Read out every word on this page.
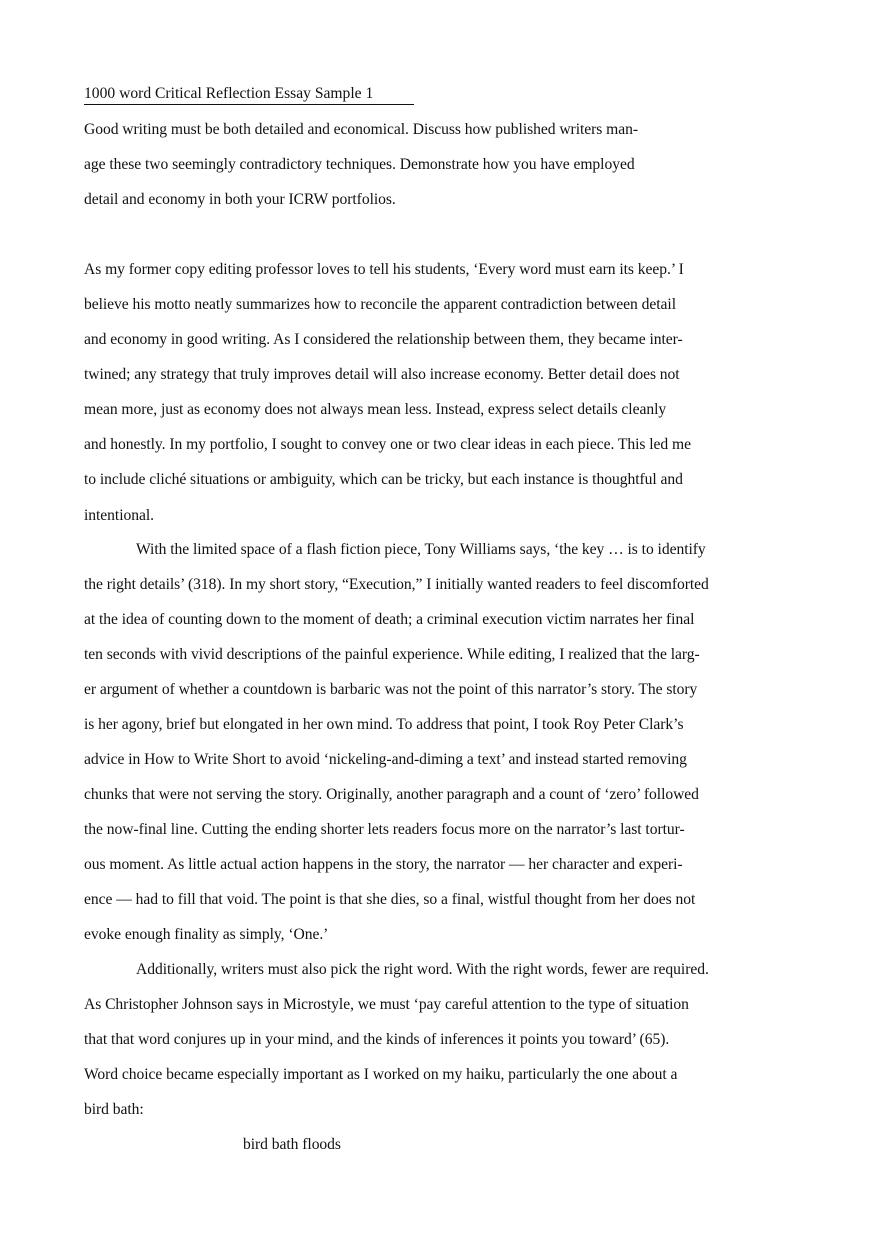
1000 word Critical Reflection Essay Sample 1
Good writing must be both detailed and economical. Discuss how published writers man-
age these two seemingly contradictory techniques. Demonstrate how you have employed
detail and economy in both your ICRW portfolios.
As my former copy editing professor loves to tell his students, ‘Every word must earn its keep.’ I
believe his motto neatly summarizes how to reconcile the apparent contradiction between detail
and economy in good writing. As I considered the relationship between them, they became inter-
twined; any strategy that truly improves detail will also increase economy. Better detail does not
mean more, just as economy does not always mean less. Instead, express select details cleanly
and honestly. In my portfolio, I sought to convey one or two clear ideas in each piece. This led me
to include cliché situations or ambiguity, which can be tricky, but each instance is thoughtful and
intentional.
With the limited space of a flash fiction piece, Tony Williams says, ‘the key … is to identify
the right details’ (318). In my short story, “Execution,” I initially wanted readers to feel discomforted
at the idea of counting down to the moment of death; a criminal execution victim narrates her final
ten seconds with vivid descriptions of the painful experience. While editing, I realized that the larg-
er argument of whether a countdown is barbaric was not the point of this narrator’s story. The story
is her agony, brief but elongated in her own mind. To address that point, I took Roy Peter Clark’s
advice in How to Write Short to avoid ‘nickeling-and-diming a text’ and instead started removing
chunks that were not serving the story. Originally, another paragraph and a count of ‘zero’ followed
the now-final line. Cutting the ending shorter lets readers focus more on the narrator’s last tortur-
ous moment. As little actual action happens in the story, the narrator — her character and experi-
ence — had to fill that void. The point is that she dies, so a final, wistful thought from her does not
evoke enough finality as simply, ‘One.’
Additionally, writers must also pick the right word. With the right words, fewer are required.
As Christopher Johnson says in Microstyle, we must ‘pay careful attention to the type of situation
that that word conjures up in your mind, and the kinds of inferences it points you toward’ (65).
Word choice became especially important as I worked on my haiku, particularly the one about a
bird bath:
bird bath floods
